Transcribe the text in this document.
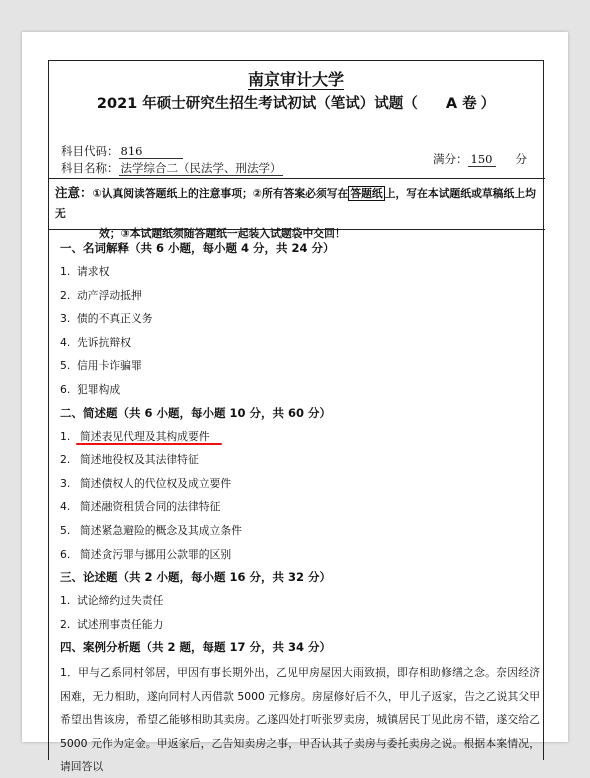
南京审计大学
2021 年硕士研究生招生考试初试（笔试）试题（ A 卷 ）
科目代码： 816
科目名称： 法学综合二（民法学、刑法学）
满分： 150 分
注意：①认真阅读答题纸上的注意事项；②所有答案必须写在 答题纸 上，写在本试题纸或草稿纸上均无
效；③本试题纸须随答题纸一起装入试题袋中交回！
一、名词解释（共 6 小题，每小题 4 分，共 24 分）
1. 请求权
2. 动产浮动抵押
3. 债的不真正义务
4. 先诉抗辩权
5. 信用卡诈骗罪
6. 犯罪构成
二、简述题（共 6 小题，每小题 10 分，共 60 分）
1. 简述表见代理及其构成要件
2. 简述地役权及其法律特征
3. 简述债权人的代位权及成立要件
4. 简述融资租赁合同的法律特征
5. 简述紧急避险的概念及其成立条件
6. 简述贪污罪与挪用公款罪的区别
三、论述题（共 2 小题，每小题 16 分，共 32 分）
1. 试论缔约过失责任
2. 试述刑事责任能力
四、案例分析题（共 2 题，每题 17 分，共 34 分）
1．甲与乙系同村邻居，甲因有事长期外出，乙见甲房屋因大雨致损，即存相助修缮之念。奈因经济困难，无力相助，遂向同村人丙借款 5000 元修房。房屋修好后不久，甲儿子返家，告之乙说其父甲希望出售该房，希望乙能够相助其卖房。乙遂四处打听张罗卖房，城镇居民丁见此房不错，遂交给乙 5000 元作为定金。甲返家后，乙告知卖房之事，甲否认其子卖房与委托卖房之说。根据本案情况，请回答以
